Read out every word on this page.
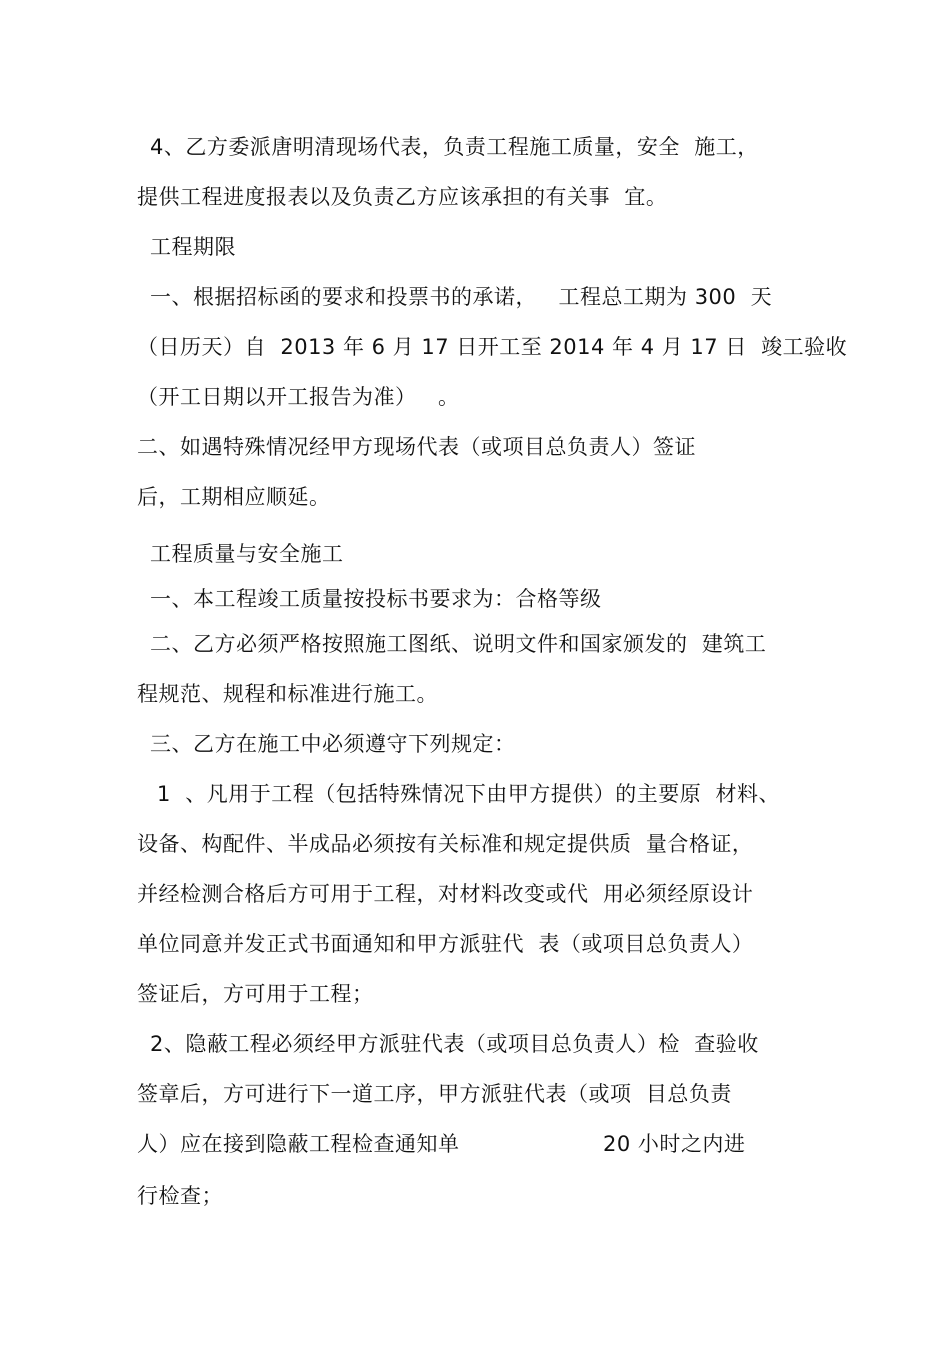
4、乙方委派唐明清现场代表，负责工程施工质量，安全  施工，
提供工程进度报表以及负责乙方应该承担的有关事  宜。
工程期限
一、根据招标函的要求和投票书的承诺，   工程总工期为 300  天
（日历天）自  2013 年 6 月 17 日开工至 2014 年 4 月 17 日  竣工验收
（开工日期以开工报告为准）   。
二、如遇特殊情况经甲方现场代表（或项目总负责人）签证
后，工期相应顺延。
工程质量与安全施工
一、本工程竣工质量按投标书要求为：合格等级
二、乙方必须严格按照施工图纸、说明文件和国家颁发的  建筑工
程规范、规程和标准进行施工。
三、乙方在施工中必须遵守下列规定：
1  、凡用于工程（包括特殊情况下由甲方提供）的主要原  材料、
设备、构配件、半成品必须按有关标准和规定提供质  量合格证，
并经检测合格后方可用于工程，对材料改变或代  用必须经原设计
单位同意并发正式书面通知和甲方派驻代  表（或项目总负责人）
签证后，方可用于工程；
2、隐蔽工程必须经甲方派驻代表（或项目总负责人）检  查验收
签章后，方可进行下一道工序，甲方派驻代表（或项  目总负责
人）应在接到隐蔽工程检查通知单                    20 小时之内进
行检查；
